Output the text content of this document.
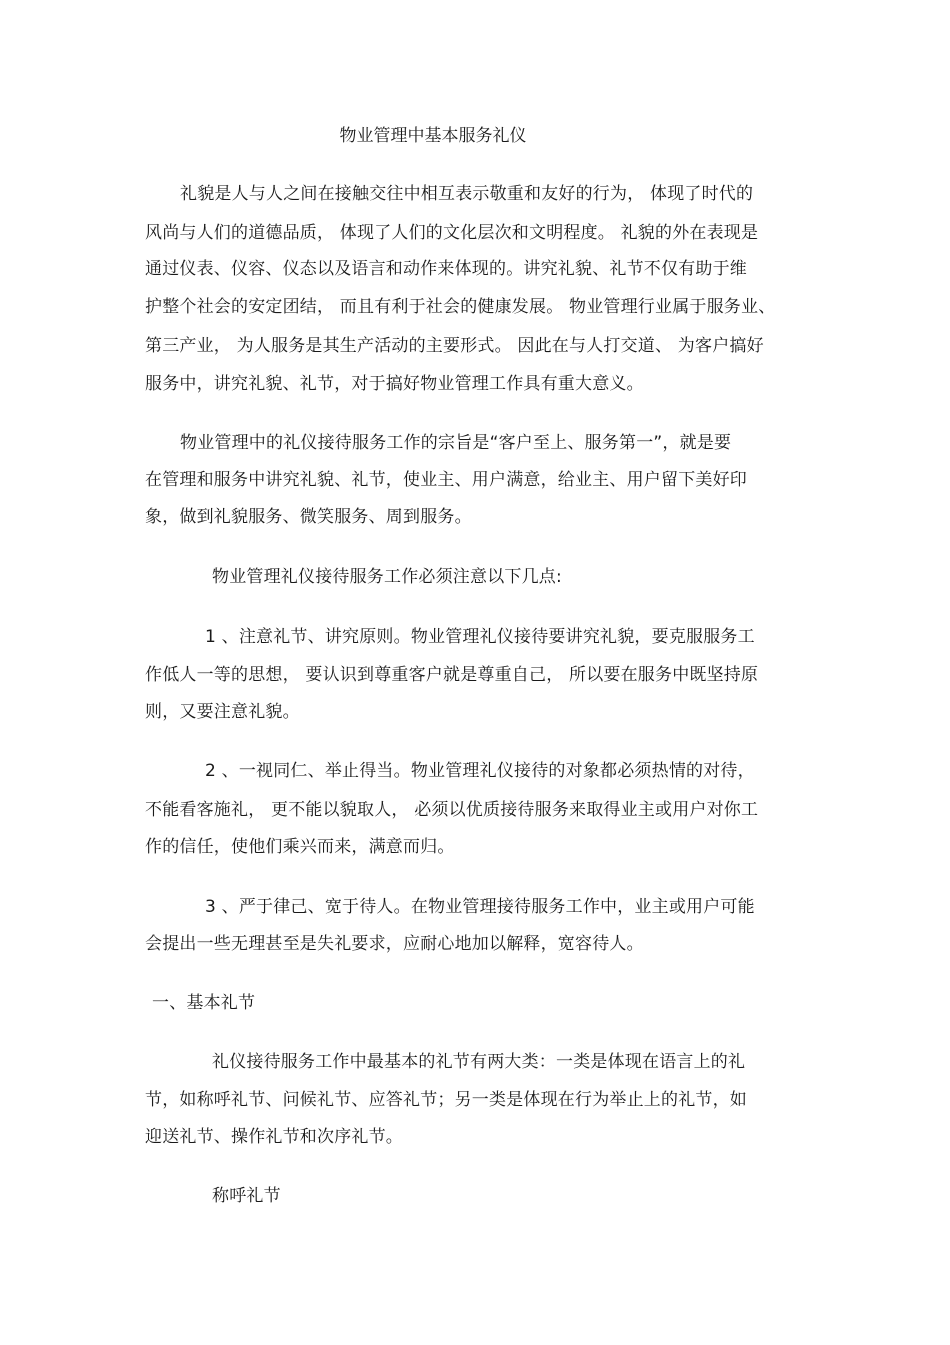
物业管理中基本服务礼仪
礼貌是人与人之间在接触交往中相互表示敬重和友好的行为， 体现了时代的
风尚与人们的道德品质， 体现了人们的文化层次和文明程度。 礼貌的外在表现是
通过仪表、仪容、仪态以及语言和动作来体现的。讲究礼貌、礼节不仅有助于维
护整个社会的安定团结， 而且有利于社会的健康发展。 物业管理行业属于服务业、
第三产业， 为人服务是其生产活动的主要形式。 因此在与人打交道、 为客户搞好
服务中，讲究礼貌、礼节，对于搞好物业管理工作具有重大意义。
物业管理中的礼仪接待服务工作的宗旨是“客户至上、服务第一”，就是要
在管理和服务中讲究礼貌、礼节，使业主、用户满意，给业主、用户留下美好印
象，做到礼貌服务、微笑服务、周到服务。
物业管理礼仪接待服务工作必须注意以下几点:
1 、注意礼节、讲究原则。物业管理礼仪接待要讲究礼貌，要克服服务工
作低人一等的思想， 要认识到尊重客户就是尊重自己， 所以要在服务中既坚持原
则，又要注意礼貌。
2 、一视同仁、举止得当。物业管理礼仪接待的对象都必须热情的对待，
不能看客施礼， 更不能以貌取人， 必须以优质接待服务来取得业主或用户对你工
作的信任，使他们乘兴而来，满意而归。
3 、严于律己、宽于待人。在物业管理接待服务工作中，业主或用户可能
会提出一些无理甚至是失礼要求，应耐心地加以解释，宽容待人。
一、基本礼节
礼仪接待服务工作中最基本的礼节有两大类：一类是体现在语言上的礼
节，如称呼礼节、问候礼节、应答礼节；另一类是体现在行为举止上的礼节，如
迎送礼节、操作礼节和次序礼节。
称呼礼节
